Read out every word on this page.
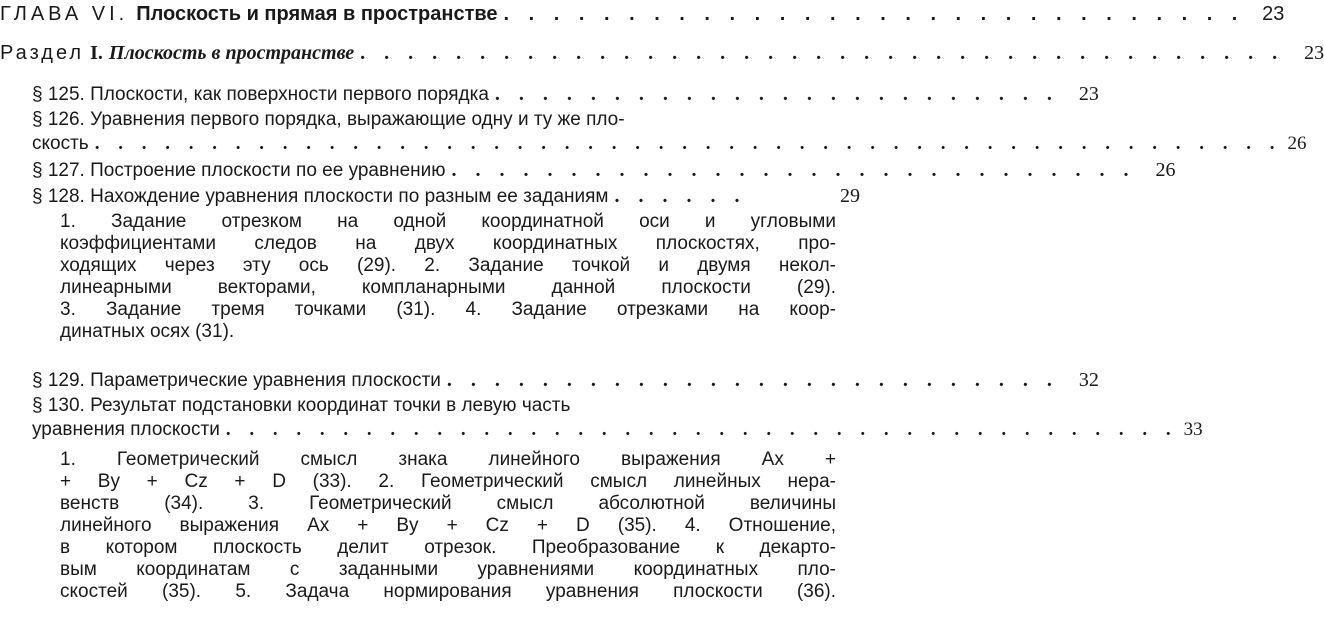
ГЛАВА VI. Плоскость и прямая в пространстве . . . . . . . . . . . . . . . . . . . . . . . . . . . . . . 23
Раздел I. Плоскость в пространстве . . . . . . . . . . . . . . . . . . . . . . . . . . . . . . . . . . . . . . .	23
§ 125. Плоскости, как поверхности первого порядка . . . . . . . . . . . . . . . . . . . . . . . .	23
§ 126. Уравнения первого порядка, выражающие одну и ту же пло-
скость . . . . . . . . . . . . . . . . . . . . . . . . . . . . . . . . . . . . . . . . . . . . . . . . . . . 26
§ 127. Построение плоскости по ее уравнению . . . . . . . . . . . . . . . . . . . . . . . . . . . . .	26
§ 128. Нахождение уравнения плоскости по разным ее заданиям . . . . . .	29
1. Задание отрезком на одной координатной оси и угловыми
коэффициентами следов на двух координатных плоскостях, про-
ходящих через эту ось (29). 2. Задание точкой и двумя некол-
линеарными векторами, компланарными данной плоскости (29).
3. Задание тремя точками (31). 4. Задание отрезками на коор-
динатных осях (31).
§ 129. Параметрические уравнения плоскости . . . . . . . . . . . . . . . . . . . . . . . . . .	32
§ 130. Результат подстановки координат точки в левую часть
уравнения плоскости . . . . . . . . . . . . . . . . . . . . . . . . . . . . . . . . . . . . . . . . . 33
1. Геометрический смысл знака линейного выражения Ax +
+ By + Cz + D (33). 2. Геометрический смысл линейных нера-
венств (34). 3. Геометрический смысл абсолютной величины
линейного выражения Ax + By + Cz + D (35). 4. Отношение,
в котором плоскость делит отрезок. Преобразование к декарто-
вым координатам с заданными уравнениями координатных пло-
скостей (35). 5. Задача нормирования уравнения плоскости (36).
